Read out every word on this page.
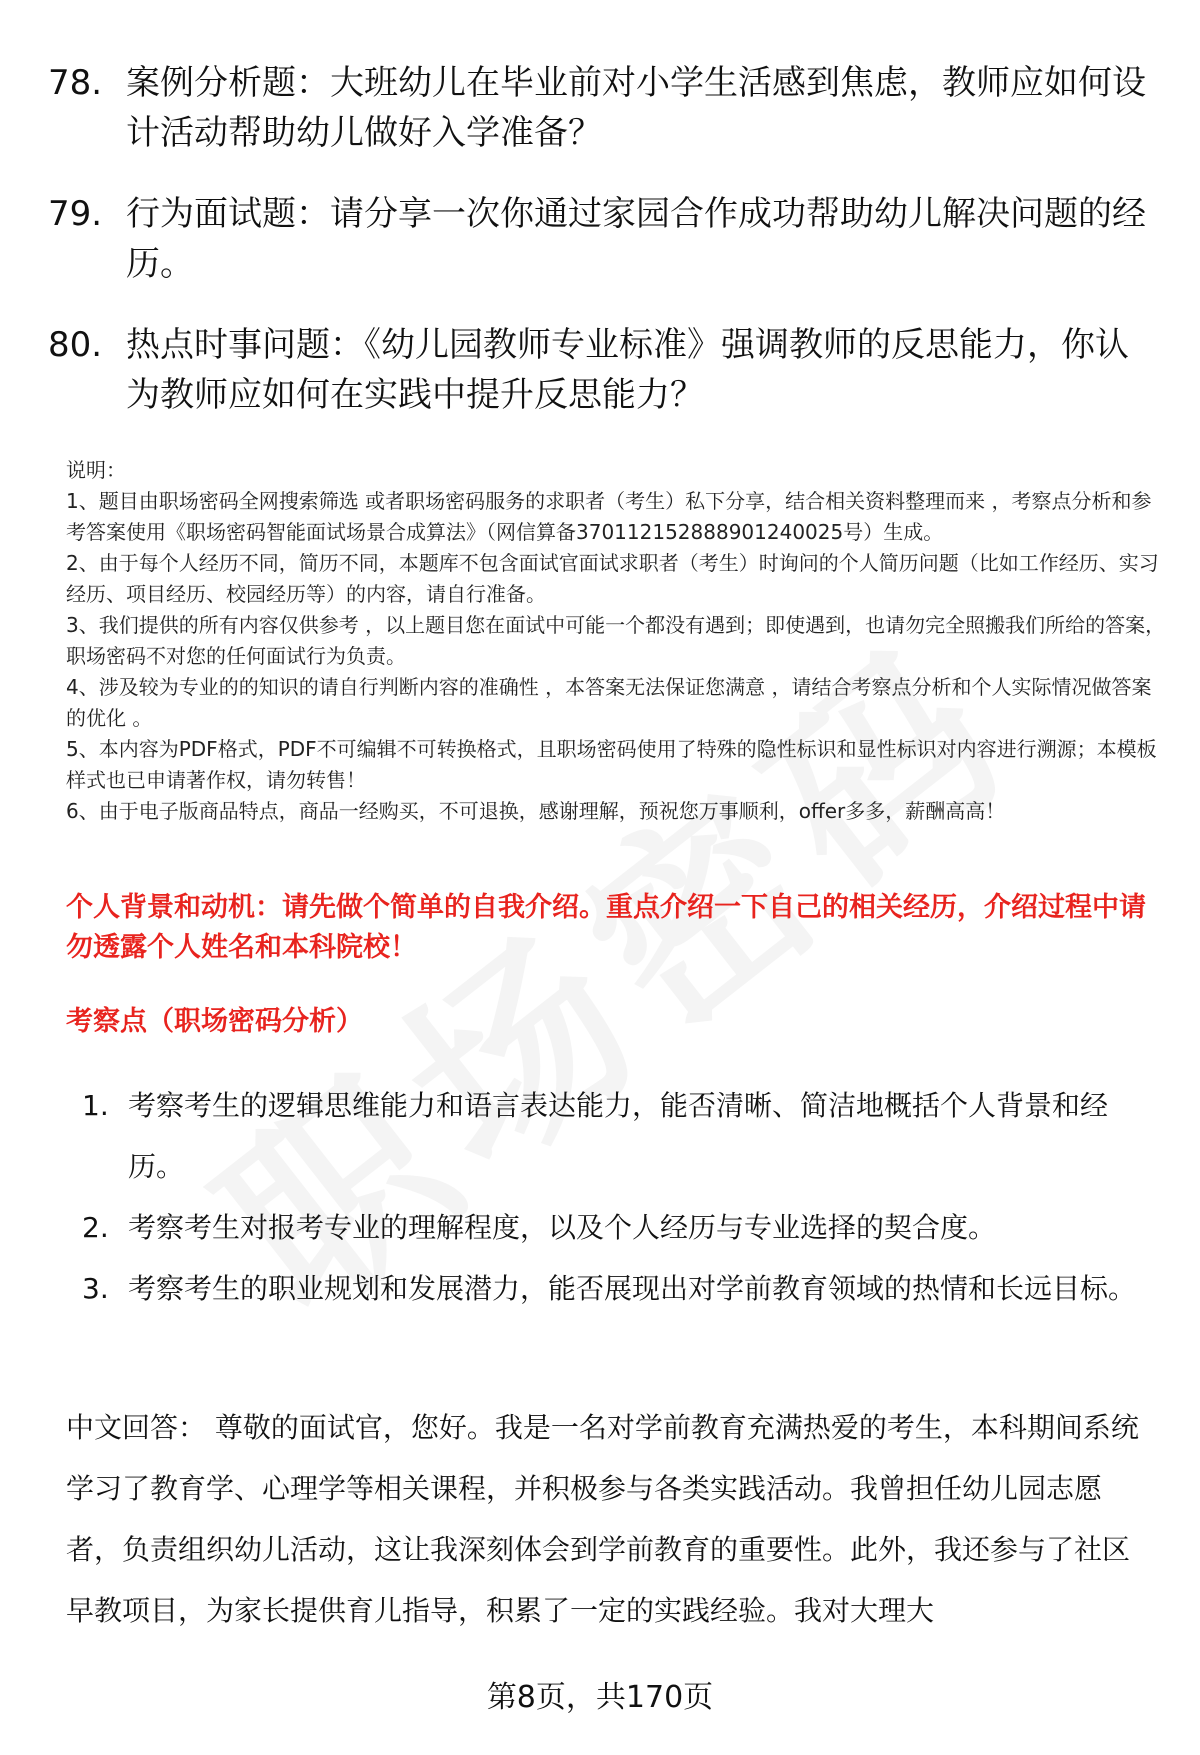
78. 案例分析题：大班幼儿在毕业前对小学生活感到焦虑，教师应如何设计活动帮助幼儿做好入学准备？
79. 行为面试题：请分享一次你通过家园合作成功帮助幼儿解决问题的经历。
80. 热点时事问题：《幼儿园教师专业标准》强调教师的反思能力，你认为教师应如何在实践中提升反思能力？

说明：

1、题目由职场密码全网搜索筛选 或者职场密码服务的求职者（考生）私下分享，结合相关资料整理而来 ，考察点分析和参考答案使用《职场密码智能面试场景合成算法》（网信算备370112152888901240025号）生成。

2、由于每个人经历不同，简历不同，本题库不包含面试官面试求职者（考生）时询问的个人简历问题（比如工作经历、实习经历、项目经历、校园经历等）的内容，请自行准备。

3、我们提供的所有内容仅供参考 ，以上题目您在面试中可能一个都没有遇到；即使遇到，也请勿完全照搬我们所给的答案，职场密码不对您的任何面试行为负责。

4、涉及较为专业的的知识的请自行判断内容的准确性 ，本答案无法保证您满意 ，请结合考察点分析和个人实际情况做答案的优化 。

5、本内容为PDF格式，PDF不可编辑不可转换格式，且职场密码使用了特殊的隐性标识和显性标识对内容进行溯源；本模板样式也已申请著作权，请勿转售！

6、由于电子版商品特点，商品一经购买，不可退换，感谢理解，预祝您万事顺利，offer多多，薪酬高高！

个人背景和动机：请先做个简单的自我介绍。重点介绍一下自己的相关经历，介绍过程中请勿透露个人姓名和本科院校！
考察点（职场密码分析）
1. 考察考生的逻辑思维能力和语言表达能力，能否清晰、简洁地概括个人背景和经历。
2. 考察考生对报考专业的理解程度，以及个人经历与专业选择的契合度。
3. 考察考生的职业规划和发展潜力，能否展现出对学前教育领域的热情和长远目标。
中文回答： 尊敬的面试官，您好。我是一名对学前教育充满热爱的考生，本科期间系统学习了教育学、心理学等相关课程，并积极参与各类实践活动。我曾担任幼儿园志愿者，负责组织幼儿活动，这让我深刻体会到学前教育的重要性。此外，我还参与了社区早教项目，为家长提供育儿指导，积累了一定的实践经验。我对大理大
第8页，共170页
